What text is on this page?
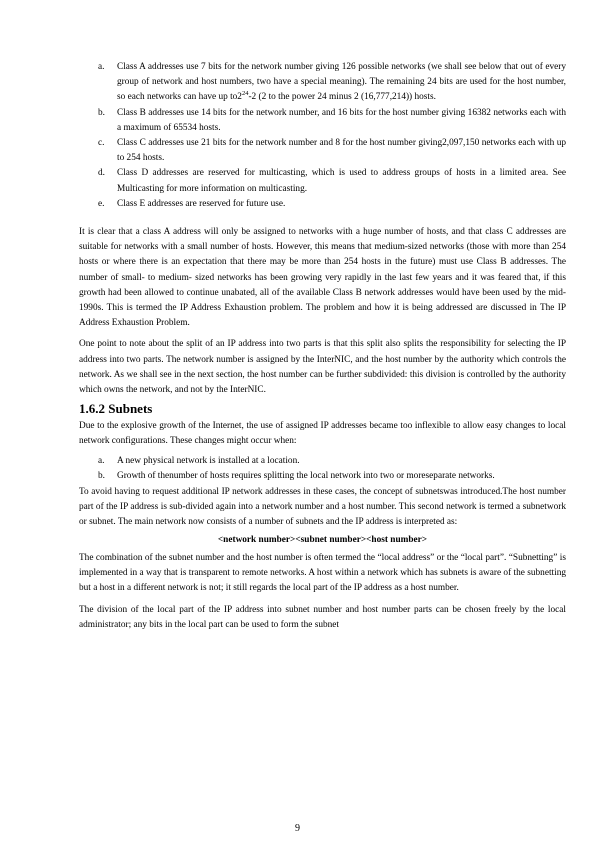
a. Class A addresses use 7 bits for the network number giving 126 possible networks (we shall see below that out of every group of network and host numbers, two have a special meaning). The remaining 24 bits are used for the host number, so each networks can have up $to2^{24}-2$ (2 to the power 24 minus 2 (16,777,214)) hosts.
b. Class B addresses use 14 bits for the network number, and 16 bits for the host number giving 16382 networks each with a maximum of 65534 hosts.
c. Class C addresses use 21 bits for the network number and 8 for the host number giving2,097,150 networks each with up to 254 hosts.
d. Class D addresses are reserved for multicasting, which is used to address groups of hosts in a limited area. See Multicasting for more information on multicasting.
e. Class E addresses are reserved for future use.

It is clear that a class A address will only be assigned to networks with a huge number of hosts, and that class C addresses are suitable for networks with a small number of hosts. However, this means that medium-sized networks (those with more than 254 hosts or where there is an expectation that there may be more than 254 hosts in the future) must use Class B addresses. The number of small- to medium- sized networks has been growing very rapidly in the last few years and it was feared that, if this growth had been allowed to continue unabated, all of the available Class B network addresses would have been used by the mid-1990s. This is termed the IP Address Exhaustion problem. The problem and how it is being addressed are discussed in The IP Address Exhaustion Problem.

One point to note about the split of an IP address into two parts is that this split also splits the responsibility for selecting the IP address into two parts. The network number is assigned by the InterNIC, and the host number by the authority which controls the network. As we shall see in the next section, the host number can be further subdivided: this division is controlled by the authority which owns the network, and not by the InterNIC.

1.6.2 Subnets

Due to the explosive growth of the Internet, the use of assigned IP addresses became too inflexible to allow easy changes to local network configurations. These changes might occur when:

a. A new physical network is installed at a location.
b. Growth of thenumber of hosts requires splitting the local network into two or moreseparate networks.

To avoid having to request additional IP network addresses in these cases, the concept of subnetswas introduced.The host number part of the IP address is sub-divided again into a network number and a host number. This second network is termed a subnetwork or subnet. The main network now consists of a number of subnets and the IP address is interpreted as:

<network number><subnet number><host number>

The combination of the subnet number and the host number is often termed the “local address” or the “local part”. “Subnetting” is implemented in a way that is transparent to remote networks. A host within a network which has subnets is aware of the subnetting but a host in a different network is not; it still regards the local part of the IP address as a host number.

The division of the local part of the IP address into subnet number and host number parts can be chosen freely by the local administrator; any bits in the local part can be used to form the subnet

9
